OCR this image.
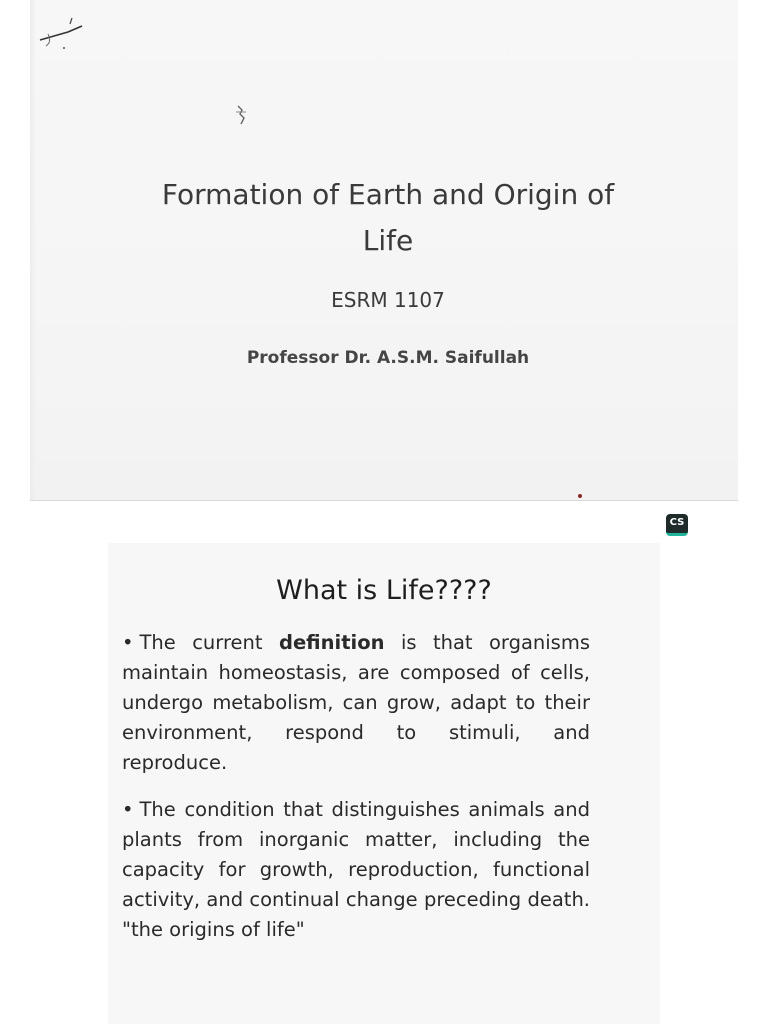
Formation of Earth and Origin of
Life
ESRM 1107
Professor Dr. A.S.M. Saifullah
CS
What is Life????
• The current definition is that organisms maintain homeostasis, are composed of cells, undergo metabolism, can grow, adapt to their environment, respond to stimuli, and reproduce.
• The condition that distinguishes animals and plants from inorganic matter, including the capacity for growth, reproduction, functional activity, and continual change preceding death. "the origins of life"
